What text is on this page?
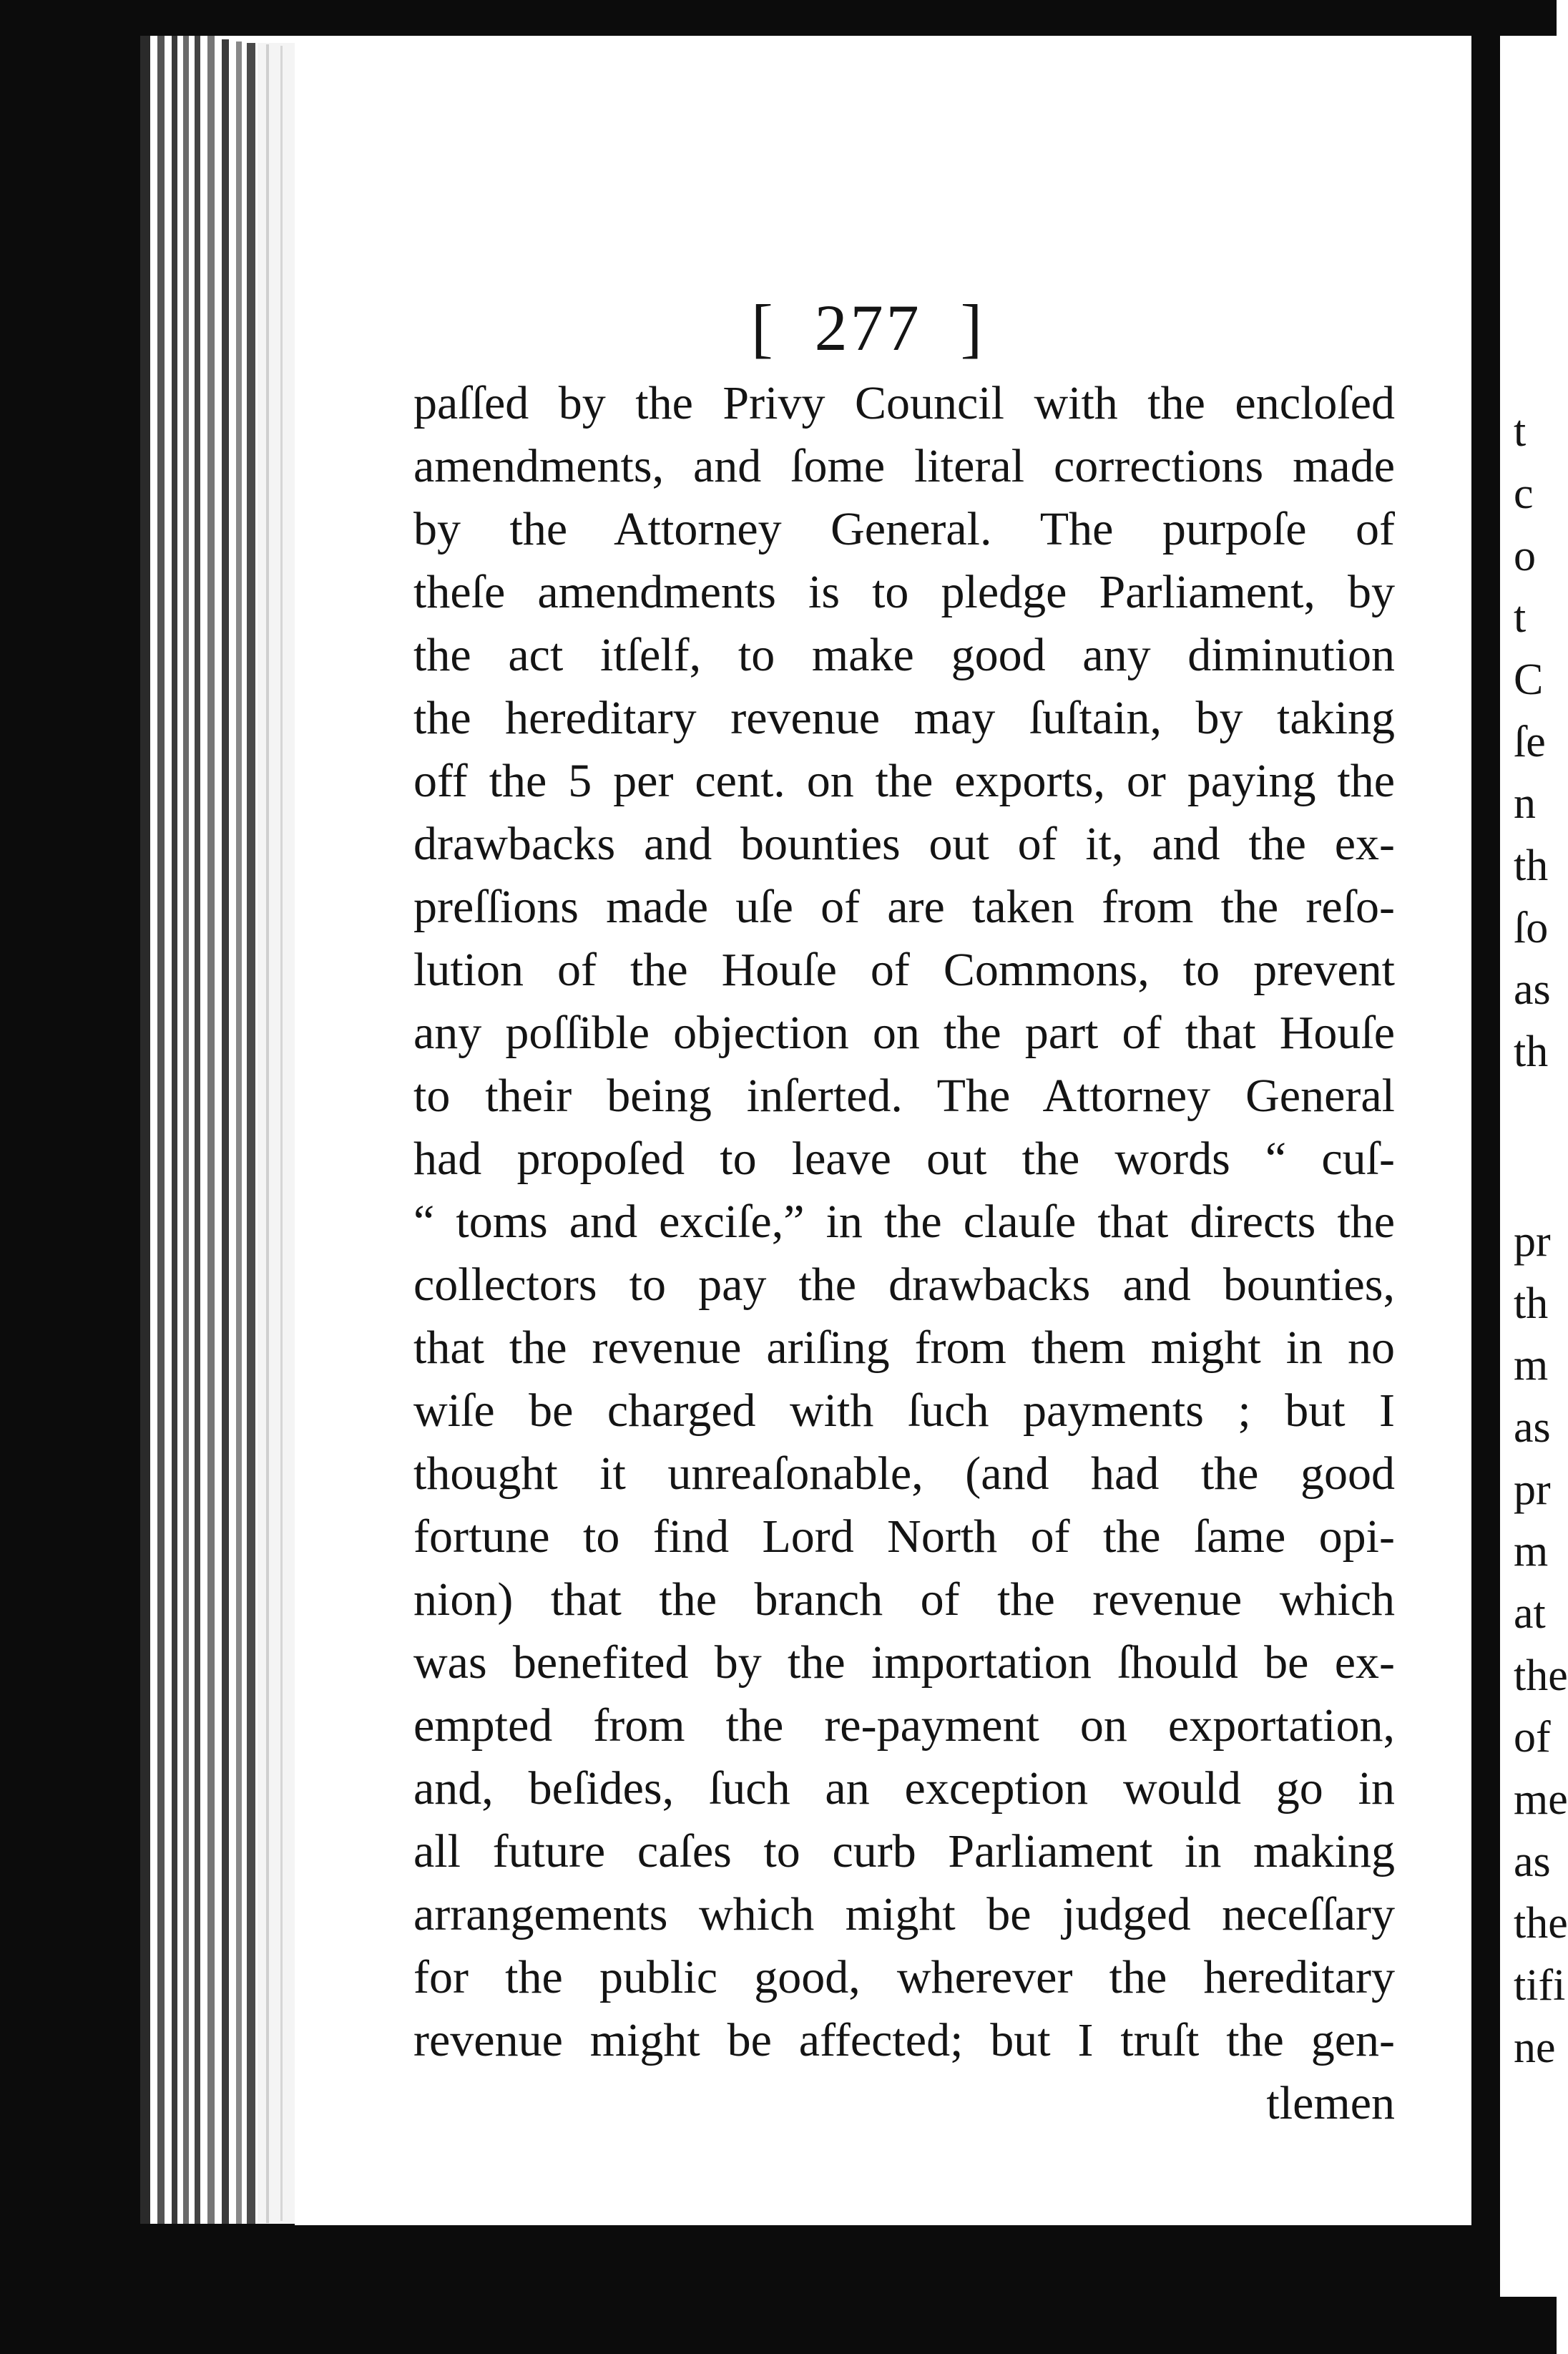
[  277  ]
paſſed by the Privy Council with the encloſed
amendments, and ſome literal corrections made
by the Attorney General. The purpoſe of
theſe amendments is to pledge Parliament, by
the act itſelf, to make good any diminution
the hereditary revenue may ſuſtain, by taking
off the 5 per cent. on the exports, or paying the
drawbacks and bounties out of it, and the ex-
preſſions made uſe of are taken from the reſo-
lution of the Houſe of Commons, to prevent
any poſſible objection on the part of that Houſe
to their being inſerted. The Attorney General
had propoſed to leave out the words “ cuſ-
“ toms and exciſe,” in the clauſe that directs the
collectors to pay the drawbacks and bounties,
that the revenue ariſing from them might in no
wiſe be charged with ſuch payments ; but I
thought it unreaſonable, (and had the good
fortune to find Lord North of the ſame opi-
nion) that the branch of the revenue which
was benefited by the importation ſhould be ex-
empted from the re-payment on exportation,
and, beſides, ſuch an exception would go in
all future caſes to curb Parliament in making
arrangements which might be judged neceſſary
for the public good, wherever the hereditary
revenue might be affected; but I truſt the gen-
tlemen
t
c
o
t
C
ſe
n
th
ſo
as
th
pr
th
m
as
pr
m
at
the
of
me
as
the
tifi
ne
